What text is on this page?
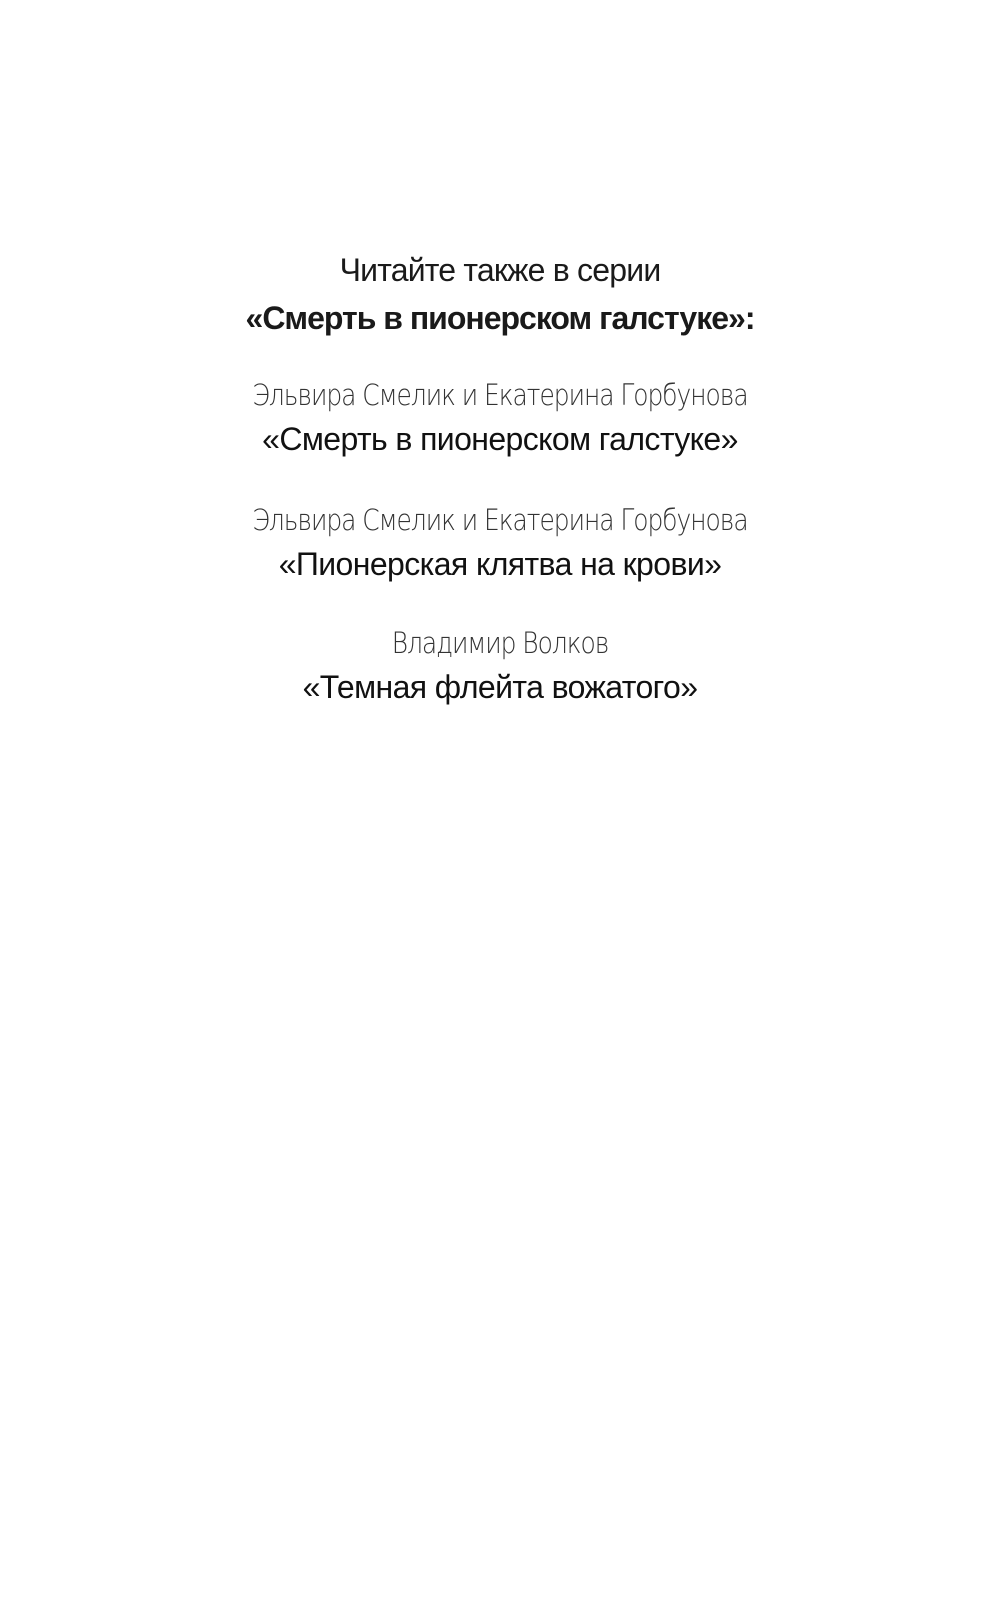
Читайте также в серии
«Смерть в пионерском галстуке»:
Эльвира Смелик и Екатерина Горбунова
«Смерть в пионерском галстуке»
Эльвира Смелик и Екатерина Горбунова
«Пионерская клятва на крови»
Владимир Волков
«Темная флейта вожатого»
